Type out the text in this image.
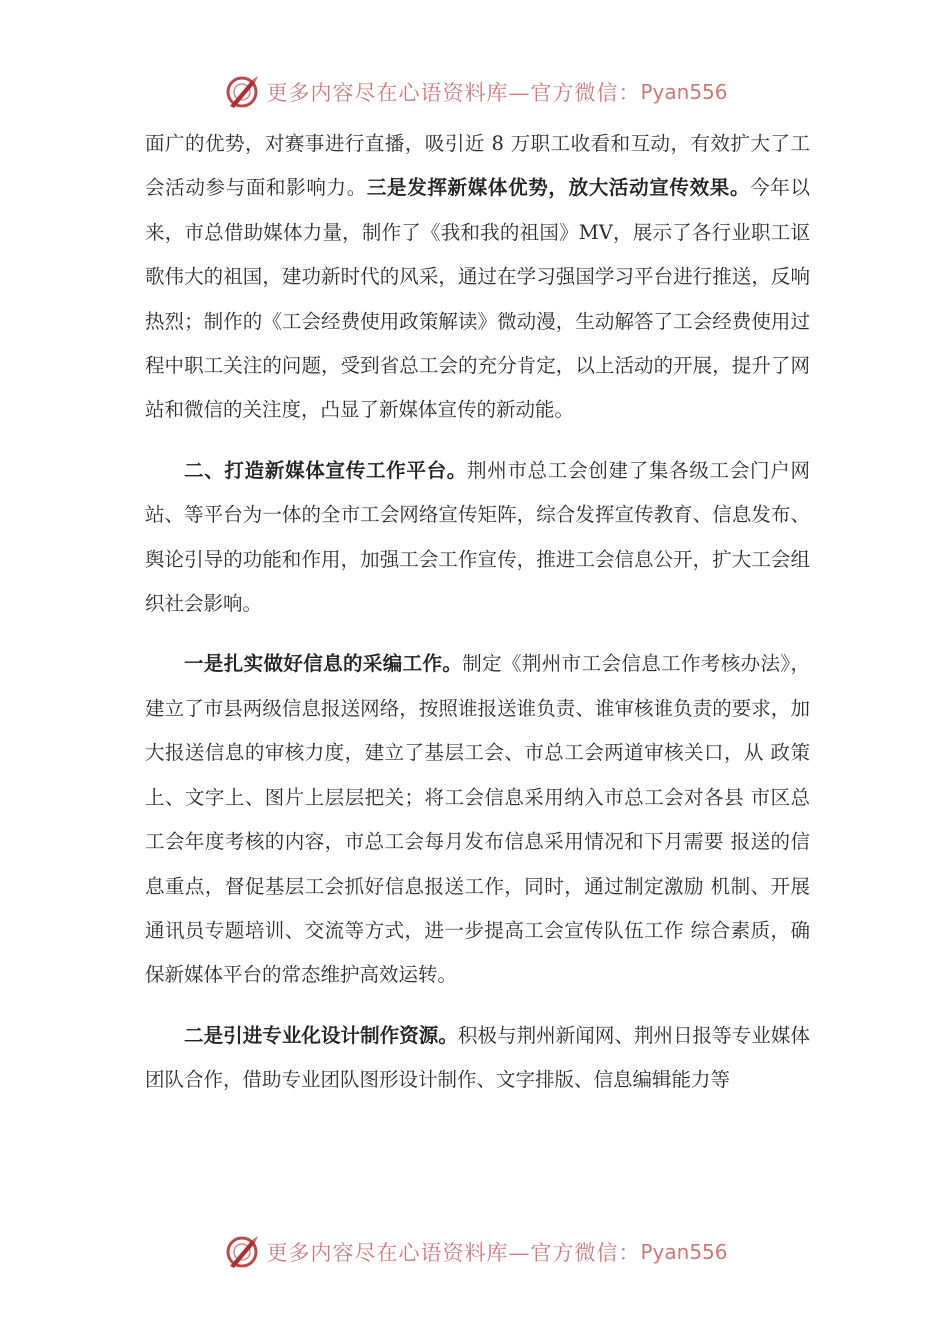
更多内容尽在心语资料库—官方微信： Pyan556

面广的优势，对赛事进行直播，吸引近 8 万职工收看和互动，有效扩大了工会活动参与面和影响力。三是发挥新媒体优势，放大活动宣传效果。今年以来，市总借助媒体力量，制作了《我和我的祖国》MV，展示了各行业职工讴歌伟大的祖国，建功新时代的风采，通过在学习强国学习平台进行推送，反响热烈；制作的《工会经费使用政策解读》微动漫，生动解答了工会经费使用过程中职工关注的问题，受到省总工会的充分肯定，以上活动的开展，提升了网站和微信的关注度，凸显了新媒体宣传的新动能。

二、打造新媒体宣传工作平台。荆州市总工会创建了集各级工会门户网站、等平台为一体的全市工会网络宣传矩阵，综合发挥宣传教育、信息发布、舆论引导的功能和作用，加强工会工作宣传，推进工会信息公开，扩大工会组织社会影响。

一是扎实做好信息的采编工作。制定《荆州市工会信息工作考核办法》，建立了市县两级信息报送网络，按照谁报送谁负责、谁审核谁负责的要求，加大报送信息的审核力度，建立了基层工会、市总工会两道审核关口，从 政策上、文字上、图片上层层把关；将工会信息采用纳入市总工会对各县 市区总工会年度考核的内容，市总工会每月发布信息采用情况和下月需要 报送的信息重点，督促基层工会抓好信息报送工作，同时，通过制定激励 机制、开展通讯员专题培训、交流等方式，进一步提高工会宣传队伍工作 综合素质，确保新媒体平台的常态维护高效运转。

二是引进专业化设计制作资源。积极与荆州新闻网、荆州日报等专业媒体团队合作，借助专业团队图形设计制作、文字排版、信息编辑能力等

更多内容尽在心语资料库—官方微信： Pyan556
